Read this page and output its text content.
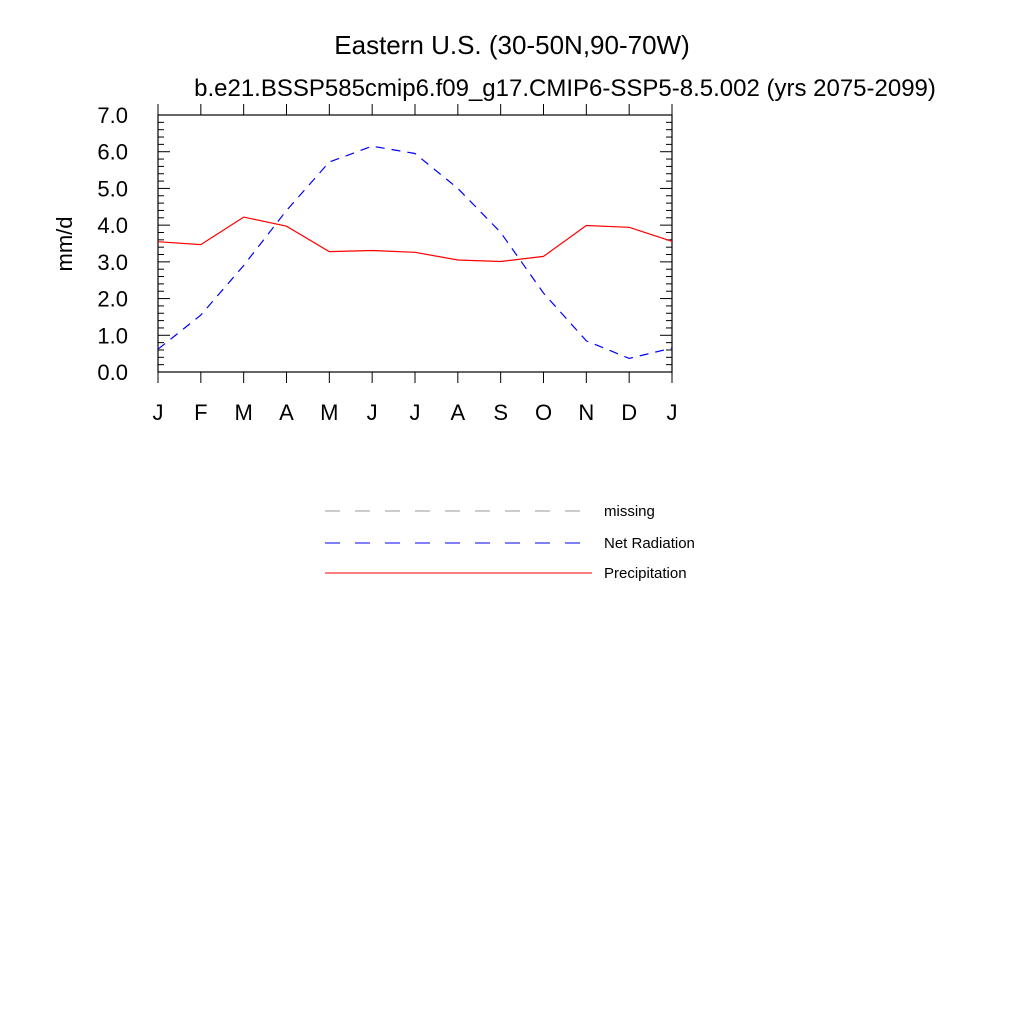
Eastern U.S. (30-50N,90-70W)
b.e21.BSSP585cmip6.f09_g17.CMIP6-SSP5-8.5.002 (yrs 2075-2099)
mm/d
0.0
1.0
2.0
3.0
4.0
5.0
6.0
7.0
J F M A M J J A S O N D J
missing
Net Radiation
Precipitation
